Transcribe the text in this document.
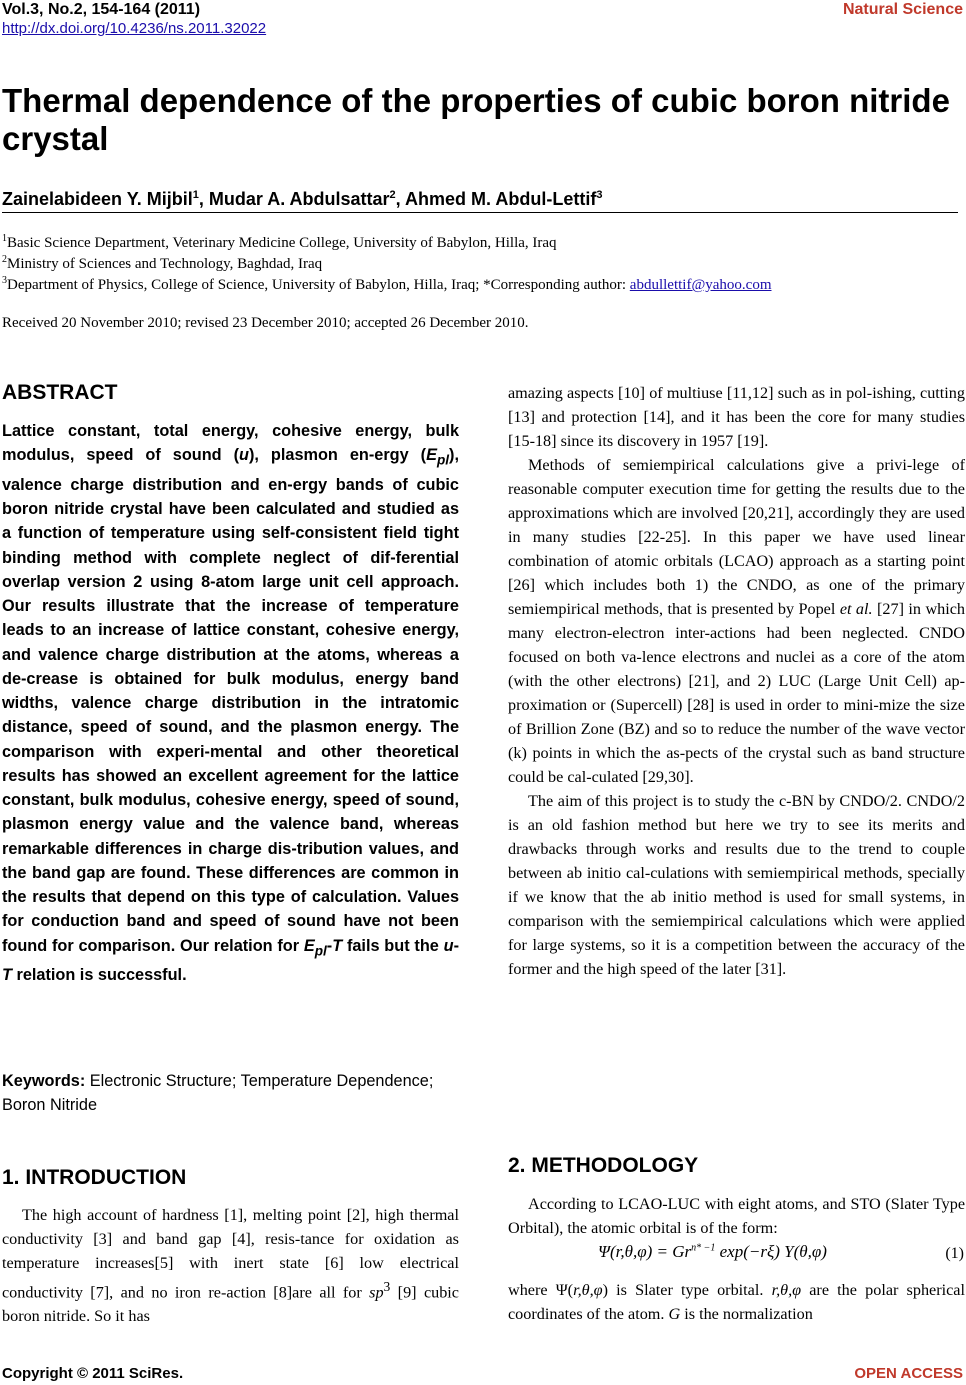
Vol.3, No.2, 154-164 (2011)
http://dx.doi.org/10.4236/ns.2011.32022
Natural Science
Thermal dependence of the properties of cubic boron nitride crystal
Zainelabideen Y. Mijbil$^1$, Mudar A. Abdulsattar$^2$, Ahmed M. Abdul-Lettif$^3$
$^1$Basic Science Department, Veterinary Medicine College, University of Babylon, Hilla, Iraq
$^2$Ministry of Sciences and Technology, Baghdad, Iraq
$^3$Department of Physics, College of Science, University of Babylon, Hilla, Iraq; *Corresponding author: abdullettif@yahoo.com
Received 20 November 2010; revised 23 December 2010; accepted 26 December 2010.
ABSTRACT

Lattice constant, total energy, cohesive energy, bulk modulus, speed of sound (u), plasmon en-ergy $(E_{pl})$, valence charge distribution and en-ergy bands of cubic boron nitride crystal have been calculated and studied as a function of temperature using self-consistent field tight binding method with complete neglect of dif-ferential overlap version 2 using 8-atom large unit cell approach. Our results illustrate that the increase of temperature leads to an increase of lattice constant, cohesive energy, and valence charge distribution at the atoms, whereas a de-crease is obtained for bulk modulus, energy band widths, valence charge distribution in the intratomic distance, speed of sound, and the plasmon energy. The comparison with experi-mental and other theoretical results has showed an excellent agreement for the lattice constant, bulk modulus, cohesive energy, speed of sound, plasmon energy value and the valence band, whereas remarkable differences in charge dis-tribution values, and the band gap are found. These differences are common in the results that depend on this type of calculation. Values for conduction band and speed of sound have not been found for comparison. Our relation for $E_{pl}-T$ fails but the u-T relation is successful.

Keywords: Electronic Structure; Temperature Dependence; Boron Nitride

1. INTRODUCTION

The high account of hardness [1], melting point [2], high thermal conductivity [3] and band gap [4], resis-tance for oxidation as temperature increases[5] with inert state [6] low electrical conductivity [7], and no iron re-action [8]are all for $sp^3$ [9] cubic boron nitride. So it has

amazing aspects [10] of multiuse [11,12] such as in pol-ishing, cutting [13] and protection [14], and it has been the core for many studies [15-18] since its discovery in 1957 [19].

Methods of semiempirical calculations give a privi-lege of reasonable computer execution time for getting the results due to the approximations which are involved [20,21], accordingly they are used in many studies [22-25]. In this paper we have used linear combination of atomic orbitals (LCAO) approach as a starting point [26] which includes both 1) the CNDO, as one of the primary semiempirical methods, that is presented by Popel et al. [27] in which many electron-electron inter-actions had been neglected. CNDO focused on both va-lence electrons and nuclei as a core of the atom (with the other electrons) [21], and 2) LUC (Large Unit Cell) ap-proximation or (Supercell) [28] is used in order to mini-mize the size of Brillion Zone (BZ) and so to reduce the number of the wave vector (k) points in which the as-pects of the crystal such as band structure could be cal-culated [29,30].

The aim of this project is to study the c-BN by CNDO/2. CNDO/2 is an old fashion method but here we try to see its merits and drawbacks through works and results due to the trend to couple between ab initio cal-culations with semiempirical methods, specially if we know that the ab initio method is used for small systems, in comparison with the semiempirical calculations which were applied for large systems, so it is a competition between the accuracy of the former and the high speed of the later [31].

2. METHODOLOGY

According to LCAO-LUC with eight atoms, and STO (Slater Type Orbital), the atomic orbital is of the form:

$\Psi(r,\theta,\varphi) = Gr^{n* -1}$ exp(−rξ) Y(θ,φ)	(1)

where Ψ(r,θ,φ) is Slater type orbital. r,θ,φ are the polar spherical coordinates of the atom. G is the normalization

Copyright © 2011 SciRes.	OPEN ACCESS
